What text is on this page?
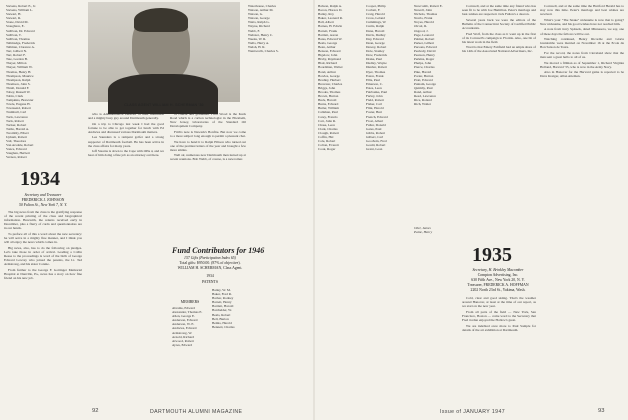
Stevens, Robert E., Jr.
Stevens, William L.
Stewart, H.
Stewart, R.
Stone, David M.
Stoughton, E.
Sullivan, Dr. Edward
Sullivan, T.
Sullivan, Thomas
Tallmadge, Frederick
Tallman, Clarence A.
Tarr, Gilbert N.
Tarr, Robert F.
Tate, Gordon B.
Thayer, Milton
Thayer, William W.
Thomas, Henry H.
Thompson, Maurice
Thompson, Ralph
Thomson, John S.
Thrall, Donald F.
Tobey, Russell W.
Tobin, Clark
Tompkins, Brewster
Towle, Eugene H.
Townsend, Robert
Trumbull, Carl
Tuck, Lawrence
Tuck, Robert
Tucker, Robert
Tuttle, Harold A.
Twombly, Elbert
Upham, Robert
Vail, Theodore
Van Arsdale, Robert
Vance, Edward
Vaughan, Herbert
Vernon, Robert
Waterhouse, Charles
Watson, Arthur M.
Watson, G.
Watson, George
Watts, Ralph G.
Wayne, Richard
Webb, F.
Webster, Henry C.
Weeks, W. R.
Wells, Harry A.
Welsh, H. R.
Wentworth, Charles S.
CLASS AGENT WILLIAM H. SCHERMAN '36
1934
Secretary and Treasurer
FREDERICK J. JOHNSON
50 Fulton St., New York 7, N. Y.

The big news from the class is the gratifying response of the recent printing of the class and biographical information. Herewith, the returns received early in December, plus a flurry of cards and questionnaires are in our hands.

To preface all of this a word about the new secretary: he will serve in a mighty fine manner, and I think you will all enjoy the news which comes in.

Big news, also, has to do the following on pledges. Let's take those in order of arrival. Leading a Collin Reese to the proceedings is word of the birth of George Edward Lowrey who joined the parents, the Lt. Ted Armstrong, and his sister Connie.

From further to the George F. Gottinger Memorial Hospital at Danville, Pa., news has a story on how fine friend on his new job.

who is Administrative Director of their institution and a mighty busy guy around Dartmouth generally.

On a trip to Chicago last week I had the good fortune to be able to get together for lunch with Ed Andrews and discussed various Dartmouth matters.

Lee Saunders is a rampant golfer and a strong supporter of Dartmouth football. He has been active in the class affairs for many years.

Jeff Stearns is down to the Cape with OPA 4, and we hear of him doing a fine job as an attorney out there.

of course and graduates. Frith Wood is the Kuck Road which is a carbon technologist in the Elizabeth, New Jersey, laboratories of the Standard Oil Development Company.

Frith's note is Newark's Bonfire. But now we come to a more subject long enough to permit a pleasant chat.

We have to hand it to Ralph Ellison who turned out one of the prettiest letters of the year and brought a few more smiles.

Well sir, numerous new Dartmouth men turned up at recent reunions. Bob Webb, of course, is a newcomer.

Fund Contributors for 1946
157 Gifts (Participation Index 65)
Total gifts: $950.00. (87% of objective).
WILLIAM H. SCHERMAN, Class Agent.
1934
PATENTS
MEMBERS
Abrams, Edward
Alexander, Thomas E.
Allen, George E.
Anderson, Edward
Anderson, W. E.
Andrews, Edward
Armstrong, W.
Arnold, Richard
Atwood, Robert
Ayres, Edward
Bailey, W. M.
Baker, Fred R.
Barber, Rodney
Barrett, Henry
Bartlett, Harold
Batchelder, W.
Beals, Robert
Bell, Burton
Bemis, Harold
Bennett, Charles
92	DARTMOUTH ALUMNI MAGAZINE
Babson, Ralph A.
Bacon, Horace D.
Bailey, Roy
Baker, Leonard R.
Ball, Albert
Barnes, H. Edwin
Barrett, Frank
Bartlett, Aaron
Bates, Edward W.
Beals, George
Bean, Arthur
Benson, Edward
Bigelow, John
Bixby, Raymond
Blair, Richard
Boardman, Walter
Bond, Arthur
Bowles, George
Bradley, Herbert
Brewster, Charles
Briggs, John
Brooks, Thomas
Brown, Burton
Buck, Harold
Burns, Edward
Butler, William
Callahan, Paul
Carey, Francis
Carr, John R.
Chase, Leon
Clark, Charles
Clough, Robert
Coffin, Hal
Cole, Robert
Colton, Everett
Cook, Roger
Cooper, Philip
Corbett, F.
Craig, Harold
Cross, Leland
Cummings, W.
Curtis, Ralph
Dana, Harold
Davis, Dudley
Day, Edward
Dean, George
Dewey, Robert
Dole, Stanley
Dow, Frederick
Drake, Paul
Dudley, Wayne
Dunbar, Robert
Dyer, Thomas
Eaton, Frank
Ellis, Paul
Emerson, C.
Estes, Leon
Fairbanks, Paul
Farley, John
Field, Robert
Fisher, Carl
Flint, Harold
Foster, Burt
French, Edward
Frost, Albert
Fuller, Donald
Gates, Paul
Gibbs, Robert
Gilbert, Carl
Goodwin, Fred
Gould, Robert
Grant, Leon
Newcomb, Robert E.
Newell, John
Nichols, Thomas
Norris, Frank
Noyes, Harold
Olcott, R.
Osgood, J.
Page, Leonard
Palmer, Robert
Parker, Gilbert
Parsons, Edward
Peabody, David
Pearson, Henry
Perkins, Roger
Phelps, John
Pierce, Charles
Pike, Harold
Porter, Burton
Pratt, Edward
Putnam, George
Quimby, Paul
Rand, Arthur
Reed, Lawrence
Rice, Roland
Rich, Walter
Ober, James
Paine, Henry
1935
Secretary, H. Brinkley Macomber
Compton Advertising, Inc.
630 Fifth Ave., New York 20, N. Y.
Treasurer, FREDERICK A. HOFFMAN
2202 North 23rd St., Yakima, Wash.

Cold, clear and good skiing. That's the weather around Hanover, at least at the time of our report, as we start on the new year.

From all parts of the field — New York, San Francisco, Boston — come word to the Secretary that Fred Jordan enjoyed the Hollow's great.

We are indebted once more to Paul Sample for details of the art exhibition at Dartmouth.

Cornwell, and at the same time any friend who has seen fit to be with Joe Hamilton. Peter's marriage and best-wishes are respected. Jack Fulton's a deacon.

Several years back we were the editors of the Bulletin of the Connecticut Society of Certified Public Accountants.

Fred Wolf, from the class as it went up in the first of its Cornwell's campaign to Florida. Also, one bit of his latest work in the field.

Word is that Emery Fairfield had an ample share of his 14th of the Associated National Advertisers, Inc.

Cornwell, and at the same time the Hartford Herald has to stay now this time. Peter's marriage and best wishes are received.

What's your "The Snake" nickname is now that is going? New nickname, and his good wishes have not reached him.

A note from Jerry Spitaels, dated Minnesota, we say, one of these days the fellows will be out.

Watching continued, Henry Ricordie and Gloria Gianlombo were married on November 16 at the Ecole du Bon Saison de Tours.

For the record, the notes from Cleveland show that the man sent a great hello to all of us.

We moved a fillman as of September 1, Richard Virginia Holland, Harvard '35, who is now in the Army Navy.

Also in Hanover for the Harvard game is reported to be Dave Kreiger, Allan Atteman.

Issue of JANUARY 1947	93
